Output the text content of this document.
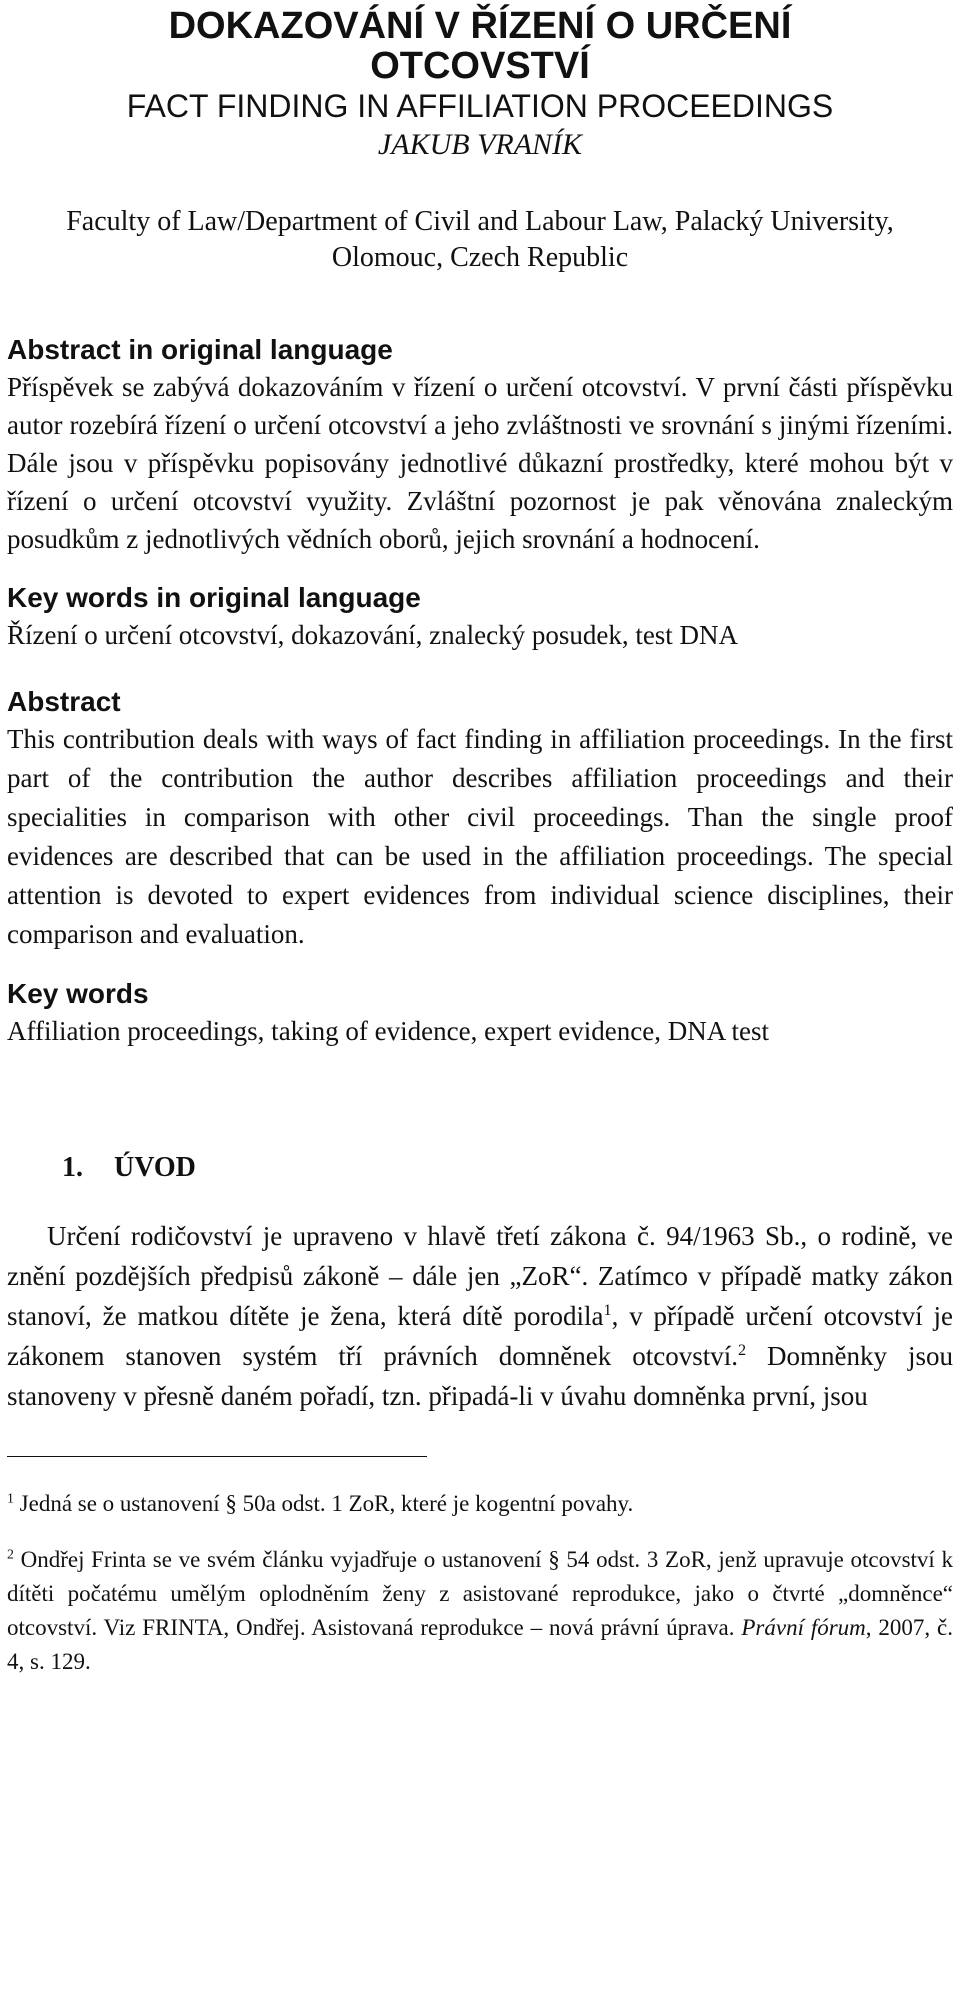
DOKAZOVÁNÍ V ŘÍZENÍ O URČENÍ
OTCOVSTVÍ

FACT FINDING IN AFFILIATION PROCEEDINGS

JAKUB VRANÍK

Faculty of Law/Department of Civil and Labour Law, Palacký University, Olomouc, Czech Republic

Abstract in original language

Příspěvek se zabývá dokazováním v řízení o určení otcovství. V první části příspěvku autor rozebírá řízení o určení otcovství a jeho zvláštnosti ve srovnání s jinými řízeními. Dále jsou v příspěvku popisovány jednotlivé důkazní prostředky, které mohou být v řízení o určení otcovství využity. Zvláštní pozornost je pak věnována znaleckým posudkům z jednotlivých vědních oborů, jejich srovnání a hodnocení.

Key words in original language

Řízení o určení otcovství, dokazování, znalecký posudek, test DNA

Abstract

This contribution deals with ways of fact finding in affiliation proceedings. In the first part of the contribution the author describes affiliation proceedings and their specialities in comparison with other civil proceedings. Than the single proof evidences are described that can be used in the affiliation proceedings. The special attention is devoted to expert evidences from individual science disciplines, their comparison and evaluation.

Key words

Affiliation proceedings, taking of evidence, expert evidence, DNA test

1. ÚVOD

Určení rodičovství je upraveno v hlavě třetí zákona č. 94/1963 Sb., o rodině, ve znění pozdějších předpisů zákoně – dále jen „ZoR“. Zatímco v případě matky zákon stanoví, že matkou dítěte je žena, která dítě porodila$^1$, v případě určení otcovství je zákonem stanoven systém tří právních domněnek otcovství.$^2$ Domněnky jsou stanoveny v přesně daném pořadí, tzn. připadá-li v úvahu domněnka první, jsou

$^1$ Jedná se o ustanovení § 50a odst. 1 ZoR, které je kogentní povahy.

$^2$ Ondřej Frinta se ve svém článku vyjadřuje o ustanovení § 54 odst. 3 ZoR, jenž upravuje otcovství k dítěti počatému umělým oplodněním ženy z asistované reprodukce, jako o čtvrté „domněnce“ otcovství. Viz FRINTA, Ondřej. Asistovaná reprodukce – nová právní úprava. Právní fórum, 2007, č. 4, s. 129.
